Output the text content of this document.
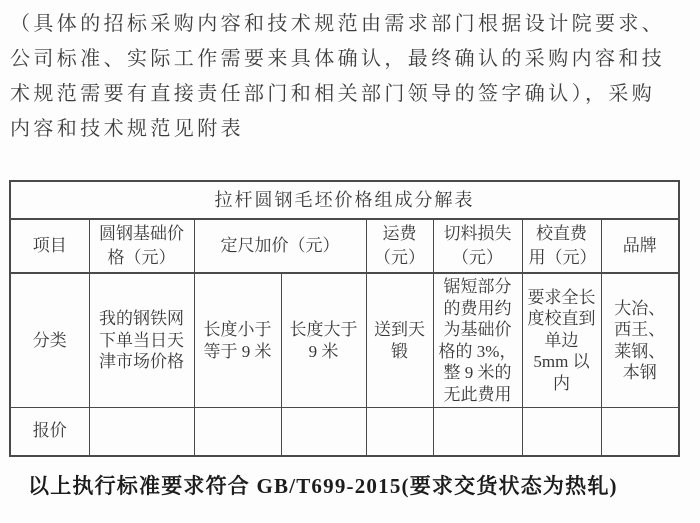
（具体的招标采购内容和技术规范由需求部门根据设计院要求、
公司标准、实际工作需要来具体确认，最终确认的采购内容和技
术规范需要有直接责任部门和相关部门领导的签字确认），采购
内容和技术规范见附表
拉杆圆钢毛坯价格组成分解表							
项目	圆钢基础价格（元）	定尺加价（元）		运费（元）	切料损失（元）	校直费用（元）	品牌
分类	我的钢铁网下单当日天津市场价格	长度小于等于 9 米	长度大于 9 米	送到天锻	锯短部分的费用约为基础价格的 3%，整 9 米的无此费用	要求全长度校直到单边 5mm 以内	大冶、西王、莱钢、本钢
报价							
以上执行标准要求符合 GB/T699-2015(要求交货状态为热轧)
